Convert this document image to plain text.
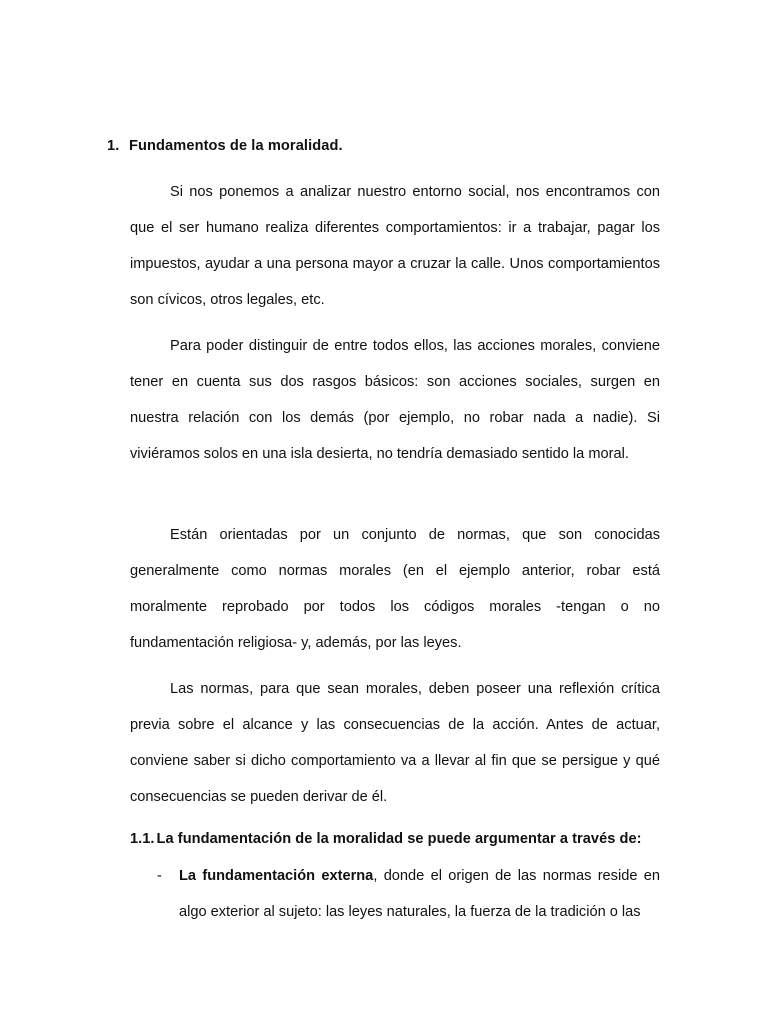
1. Fundamentos de la moralidad.

Si nos ponemos a analizar nuestro entorno social, nos encontramos con que el ser humano realiza diferentes comportamientos: ir a trabajar, pagar los impuestos, ayudar a una persona mayor a cruzar la calle. Unos comportamientos son cívicos, otros legales, etc.

Para poder distinguir de entre todos ellos, las acciones morales, conviene tener en cuenta sus dos rasgos básicos: son acciones sociales, surgen en nuestra relación con los demás (por ejemplo, no robar nada a nadie). Si viviéramos solos en una isla desierta, no tendría demasiado sentido la moral.

Están orientadas por un conjunto de normas, que son conocidas generalmente como normas morales (en el ejemplo anterior, robar está moralmente reprobado por todos los códigos morales -tengan o no fundamentación religiosa- y, además, por las leyes.

Las normas, para que sean morales, deben poseer una reflexión crítica previa sobre el alcance y las consecuencias de la acción. Antes de actuar, conviene saber si dicho comportamiento va a llevar al fin que se persigue y qué consecuencias se pueden derivar de él.

1.1. La fundamentación de la moralidad se puede argumentar a través de:
- La fundamentación externa, donde el origen de las normas reside en algo exterior al sujeto: las leyes naturales, la fuerza de la tradición o las
